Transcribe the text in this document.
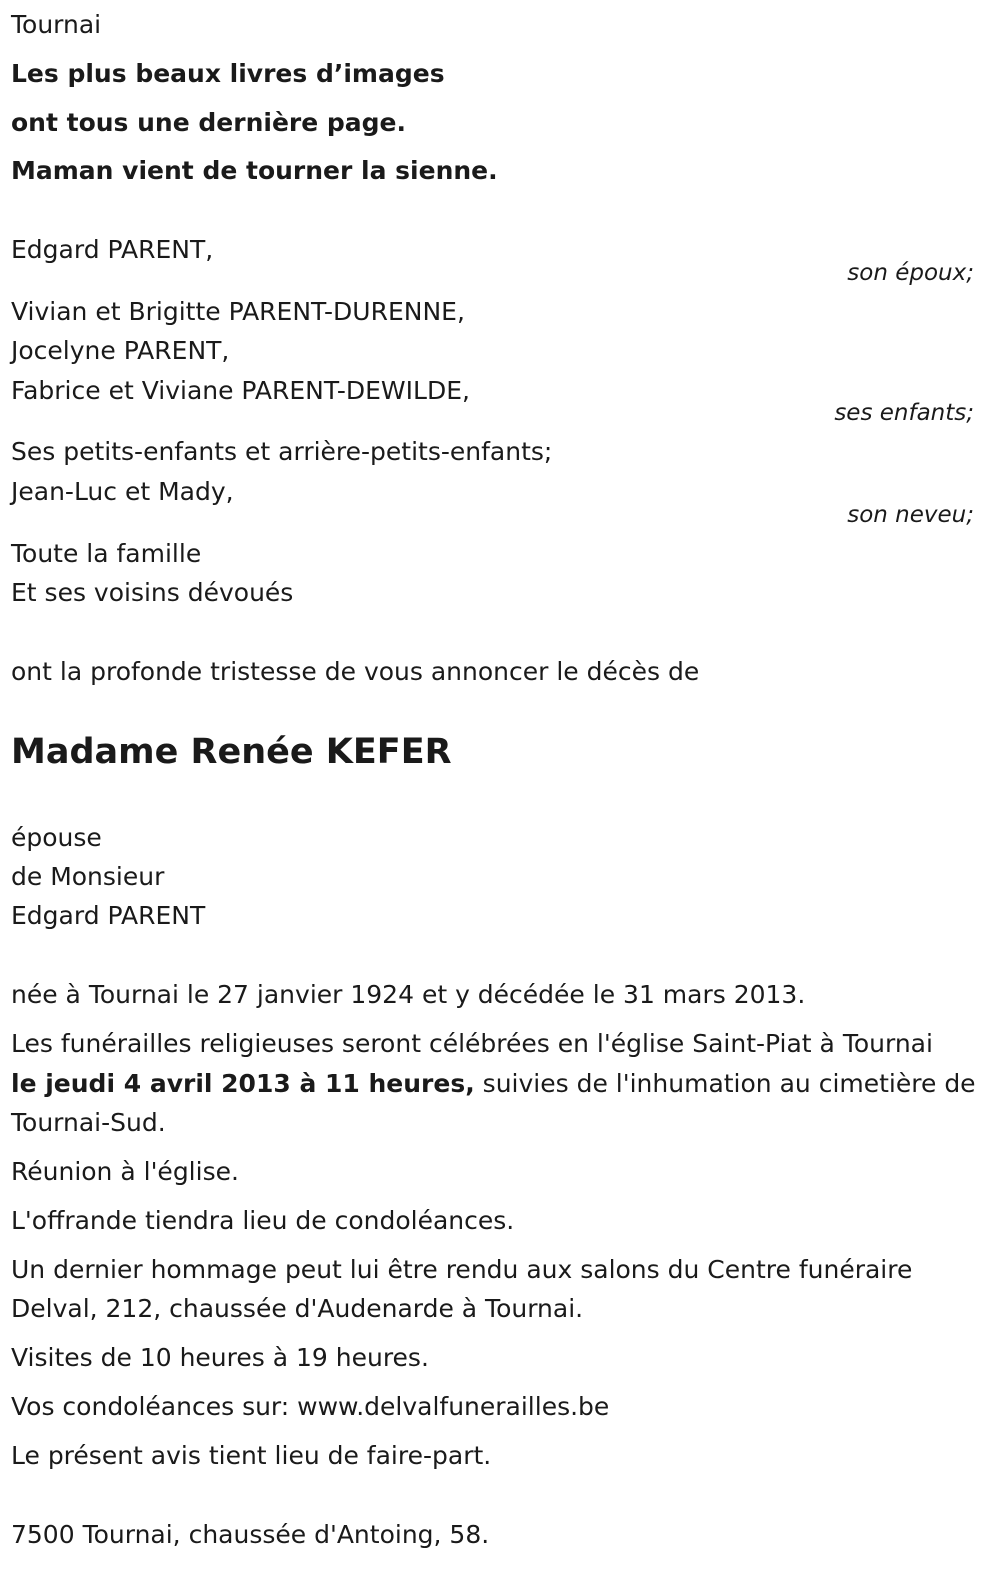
Tournai
Les plus beaux livres d’images
ont tous une dernière page.
Maman vient de tourner la sienne.
Edgard PARENT,
son époux;
Vivian et Brigitte PARENT-DURENNE,
Jocelyne PARENT,
Fabrice et Viviane PARENT-DEWILDE,
ses enfants;
Ses petits-enfants et arrière-petits-enfants;
Jean-Luc et Mady,
son neveu;
Toute la famille
Et ses voisins dévoués
ont la profonde tristesse de vous annoncer le décès de
Madame Renée KEFER
épouse
de Monsieur
Edgard PARENT
née à Tournai le 27 janvier 1924 et y décédée le 31 mars 2013.
Les funérailles religieuses seront célébrées en l'église Saint-Piat à Tournai
le jeudi 4 avril 2013 à 11 heures, suivies de l'inhumation au cimetière de
Tournai-Sud.
Réunion à l'église.
L'offrande tiendra lieu de condoléances.
Un dernier hommage peut lui être rendu aux salons du Centre funéraire
Delval, 212, chaussée d'Audenarde à Tournai.
Visites de 10 heures à 19 heures.
Vos condoléances sur: www.delvalfunerailles.be
Le présent avis tient lieu de faire-part.
7500 Tournai, chaussée d'Antoing, 58.
